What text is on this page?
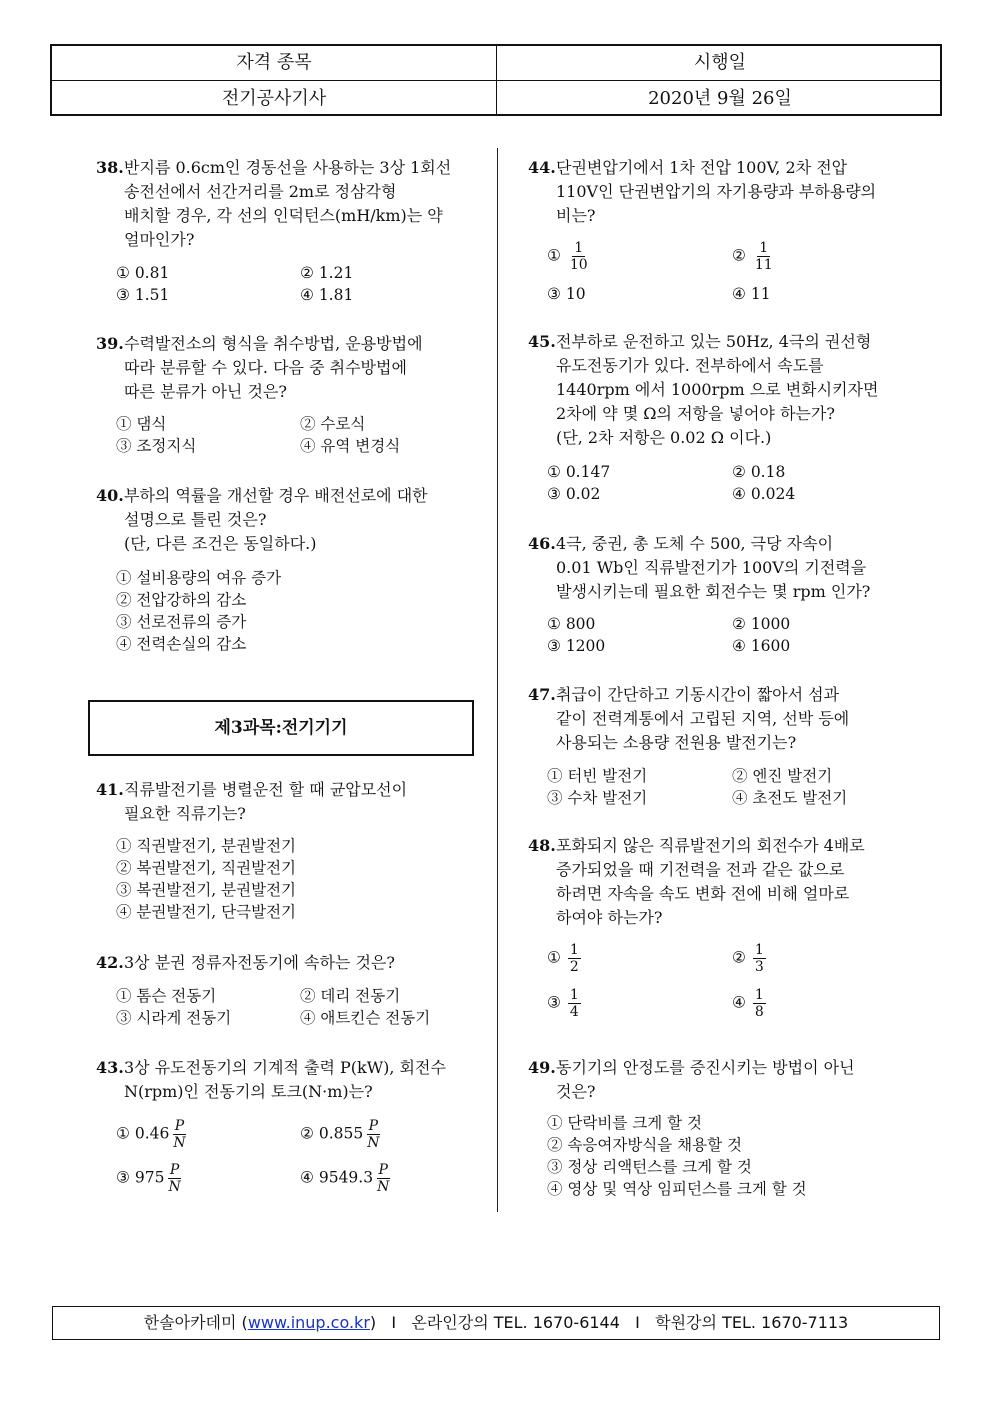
자격 종목	시행일
전기공사기사	2020년 9월 26일
38. 반지름 0.6cm인 경동선을 사용하는 3상 1회선
송전선에서 선간거리를 2m로 정삼각형
배치할 경우, 각 선의 인덕턴스(mH/km)는 약
얼마인가?
① 0.81	② 1.21
③ 1.51	④ 1.81
39. 수력발전소의 형식을 취수방법, 운용방법에
따라 분류할 수 있다. 다음 중 취수방법에
따른 분류가 아닌 것은?
① 댐식	② 수로식
③ 조정지식	④ 유역 변경식
40. 부하의 역률을 개선할 경우 배전선로에 대한
설명으로 틀린 것은?
(단, 다른 조건은 동일하다.)
① 설비용량의 여유 증가
② 전압강하의 감소
③ 선로전류의 증가
④ 전력손실의 감소
제3과목:전기기기
41. 직류발전기를 병렬운전 할 때 균압모선이
필요한 직류기는?
① 직권발전기, 분권발전기
② 복권발전기, 직권발전기
③ 복권발전기, 분권발전기
④ 분권발전기, 단극발전기
42. 3상 분권 정류자전동기에 속하는 것은?
① 톰슨 전동기	② 데리 전동기
③ 시라게 전동기	④ 애트킨슨 전동기
43. 3상 유도전동기의 기계적 출력 P(kW), 회전수
N(rpm)인 전동기의 토크(N·m)는?
① $0.46 \frac{P}{N}$	② $0.855 \frac{P}{N}$
③ $975 \frac{P}{N}$	④ $9549.3 \frac{P}{N}$
44. 단권변압기에서 1차 전압 100V, 2차 전압
110V인 단권변압기의 자기용량과 부하용량의
비는?
① $\frac{1}{10}$	② $\frac{1}{11}$
③ 10	④ 11
45. 전부하로 운전하고 있는 50Hz, 4극의 권선형
유도전동기가 있다. 전부하에서 속도를
1440rpm 에서 1000rpm 으로 변화시키자면
2차에 약 몇 Ω의 저항을 넣어야 하는가?
(단, 2차 저항은 0.02 Ω 이다.)
① 0.147	② 0.18
③ 0.02	④ 0.024
46. 4극, 중권, 총 도체 수 500, 극당 자속이
0.01 Wb인 직류발전기가 100V의 기전력을
발생시키는데 필요한 회전수는 몇 rpm 인가?
① 800	② 1000
③ 1200	④ 1600
47. 취급이 간단하고 기동시간이 짧아서 섬과
같이 전력계통에서 고립된 지역, 선박 등에
사용되는 소용량 전원용 발전기는?
① 터빈 발전기	② 엔진 발전기
③ 수차 발전기	④ 초전도 발전기
48. 포화되지 않은 직류발전기의 회전수가 4배로
증가되었을 때 기전력을 전과 같은 값으로
하려면 자속을 속도 변화 전에 비해 얼마로
하여야 하는가?
① $\frac{1}{2}$	② $\frac{1}{3}$
③ $\frac{1}{4}$	④ $\frac{1}{8}$
49. 동기기의 안정도를 증진시키는 방법이 아닌
것은?
① 단락비를 크게 할 것
② 속응여자방식을 채용할 것
③ 정상 리액턴스를 크게 할 것
④ 영상 및 역상 임피던스를 크게 할 것
한솔아카데미 (www.inup.co.kr)   I   온라인강의 TEL. 1670-6144   I   학원강의 TEL. 1670-7113
